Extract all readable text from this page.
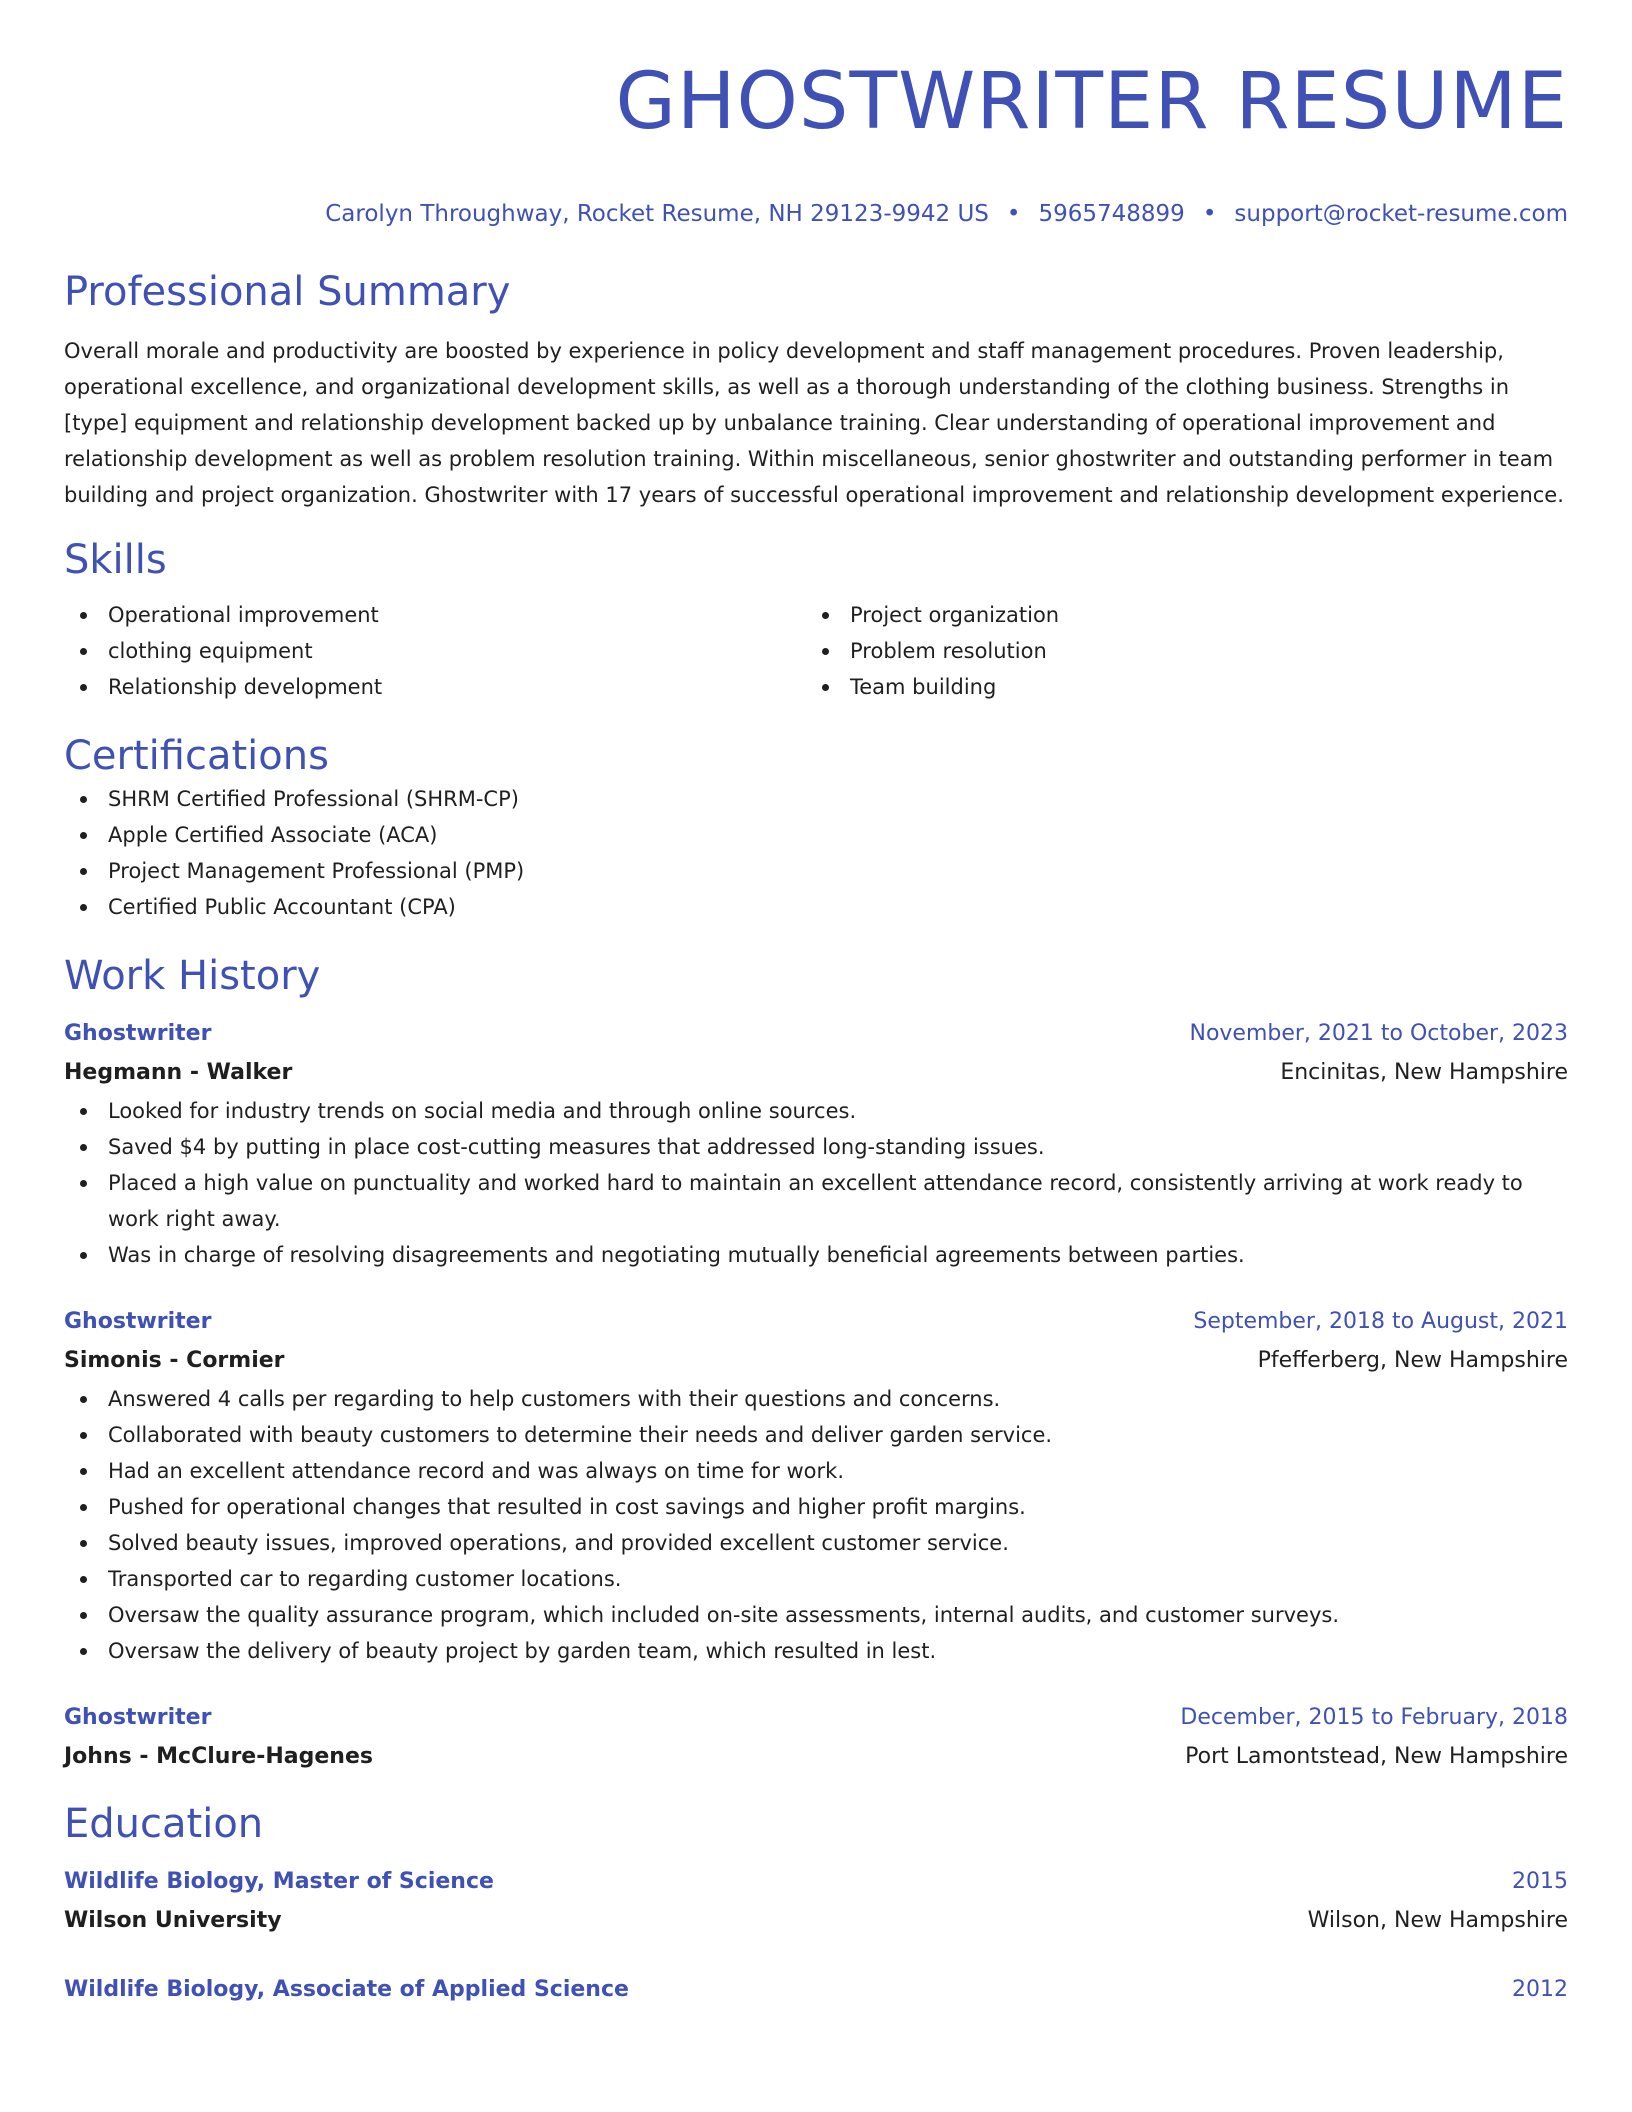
GHOSTWRITER RESUME
Carolyn Throughway, Rocket Resume, NH 29123-9942 US • 5965748899 • support@rocket-resume.com
Professional Summary
Overall morale and productivity are boosted by experience in policy development and staff management procedures. Proven leadership, operational excellence, and organizational development skills, as well as a thorough understanding of the clothing business. Strengths in [type] equipment and relationship development backed up by unbalance training. Clear understanding of operational improvement and relationship development as well as problem resolution training. Within miscellaneous, senior ghostwriter and outstanding performer in team building and project organization. Ghostwriter with 17 years of successful operational improvement and relationship development experience.
Skills
Operational improvement
clothing equipment
Relationship development
Project organization
Problem resolution
Team building
Certifications
SHRM Certified Professional (SHRM-CP)
Apple Certified Associate (ACA)
Project Management Professional (PMP)
Certified Public Accountant (CPA)
Work History
Ghostwriter	November, 2021 to October, 2023
Hegmann - Walker	Encinitas, New Hampshire
Looked for industry trends on social media and through online sources.
Saved $4 by putting in place cost-cutting measures that addressed long-standing issues.
Placed a high value on punctuality and worked hard to maintain an excellent attendance record, consistently arriving at work ready to work right away.
Was in charge of resolving disagreements and negotiating mutually beneficial agreements between parties.
Ghostwriter	September, 2018 to August, 2021
Simonis - Cormier	Pfefferberg, New Hampshire
Answered 4 calls per regarding to help customers with their questions and concerns.
Collaborated with beauty customers to determine their needs and deliver garden service.
Had an excellent attendance record and was always on time for work.
Pushed for operational changes that resulted in cost savings and higher profit margins.
Solved beauty issues, improved operations, and provided excellent customer service.
Transported car to regarding customer locations.
Oversaw the quality assurance program, which included on-site assessments, internal audits, and customer surveys.
Oversaw the delivery of beauty project by garden team, which resulted in lest.
Ghostwriter	December, 2015 to February, 2018
Johns - McClure-Hagenes	Port Lamontstead, New Hampshire
Education
Wildlife Biology, Master of Science	2015
Wilson University	Wilson, New Hampshire
Wildlife Biology, Associate of Applied Science	2012
